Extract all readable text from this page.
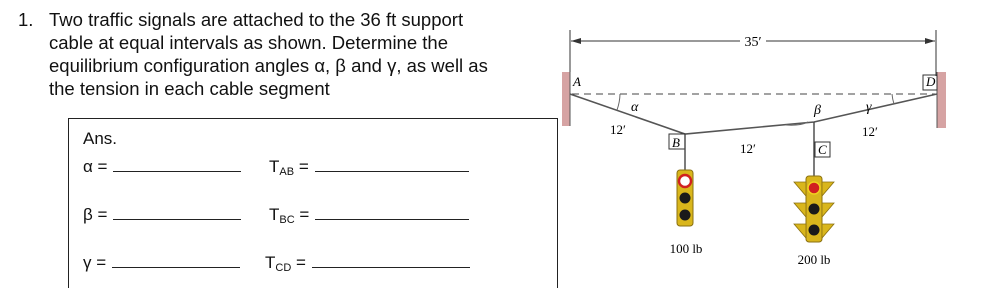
1. Two traffic signals are attached to the 36 ft support
cable at equal intervals as shown. Determine the
equilibrium configuration angles α, β and γ, as well as
the tension in each cable segment
Ans.
α =	$T_{AB}$ =
β =	$T_{BC}$ =
γ =	$T_{CD}$ =
35′
A
B	C
D
α	β	γ
12′
12′
12′
100 lb
200 lb
